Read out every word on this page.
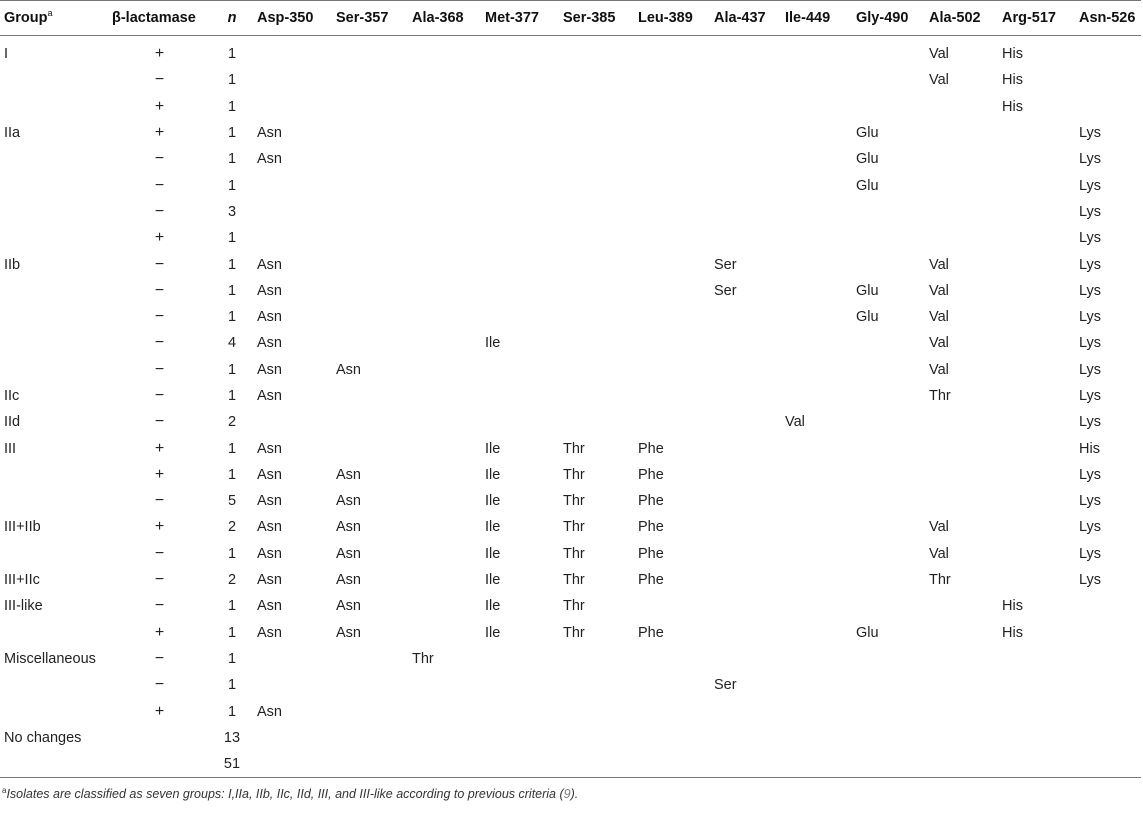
Group$^a$	β-lactamase	n	Asp-350	Ser-357	Ala-368	Met-377	Ser-385	Leu-389	Ala-437	Ile-449	Gly-490	Ala-502	Arg-517	Asn-526
I	+	1										Val	His	
	−	1										Val	His	
	+	1											His	
IIa	+	1	Asn								Glu			Lys
	−	1	Asn								Glu			Lys
	−	1									Glu			Lys
	−	3												Lys
	+	1												Lys
IIb	−	1	Asn						Ser			Val		Lys
	−	1	Asn						Ser		Glu	Val		Lys
	−	1	Asn								Glu	Val		Lys
	−	4	Asn			Ile						Val		Lys
	−	1	Asn	Asn								Val		Lys
IIc	−	1	Asn									Thr		Lys
IId	−	2								Val				Lys
III	+	1	Asn			Ile	Thr	Phe						His
	+	1	Asn	Asn		Ile	Thr	Phe						Lys
	−	5	Asn	Asn		Ile	Thr	Phe						Lys
III+IIb	+	2	Asn	Asn		Ile	Thr	Phe				Val		Lys
	−	1	Asn	Asn		Ile	Thr	Phe				Val		Lys
III+IIc	−	2	Asn	Asn		Ile	Thr	Phe				Thr		Lys
III-like	−	1	Asn	Asn		Ile	Thr						His	
	+	1	Asn	Asn		Ile	Thr	Phe			Glu		His	
Miscellaneous	−	1			Thr									
	−	1							Ser					
	+	1	Asn											
No changes		13												
		51												
$^a$Isolates are classified as seven groups: I,IIa, IIb, IIc, IId, III, and III-like according to previous criteria (9).
